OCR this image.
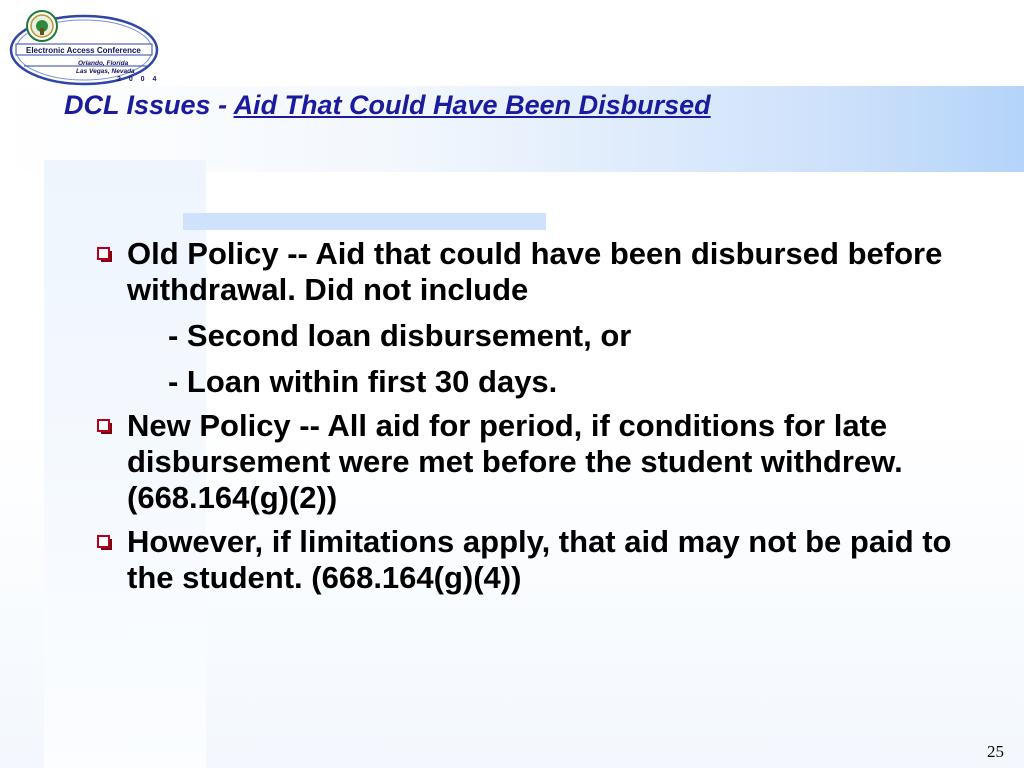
Electronic Access Conference
Orlando, Florida
Las Vegas, Nevada
2 0 0 4
DCL Issues - Aid That Could Have Been Disbursed
Old Policy -- Aid that could have been disbursed before withdrawal. Did not include
- Second loan disbursement, or
- Loan within first 30 days.
New Policy -- All aid for period, if conditions for late disbursement were met before the student withdrew. (668.164(g)(2))
However, if limitations apply, that aid may not be paid to the student. (668.164(g)(4))
25
